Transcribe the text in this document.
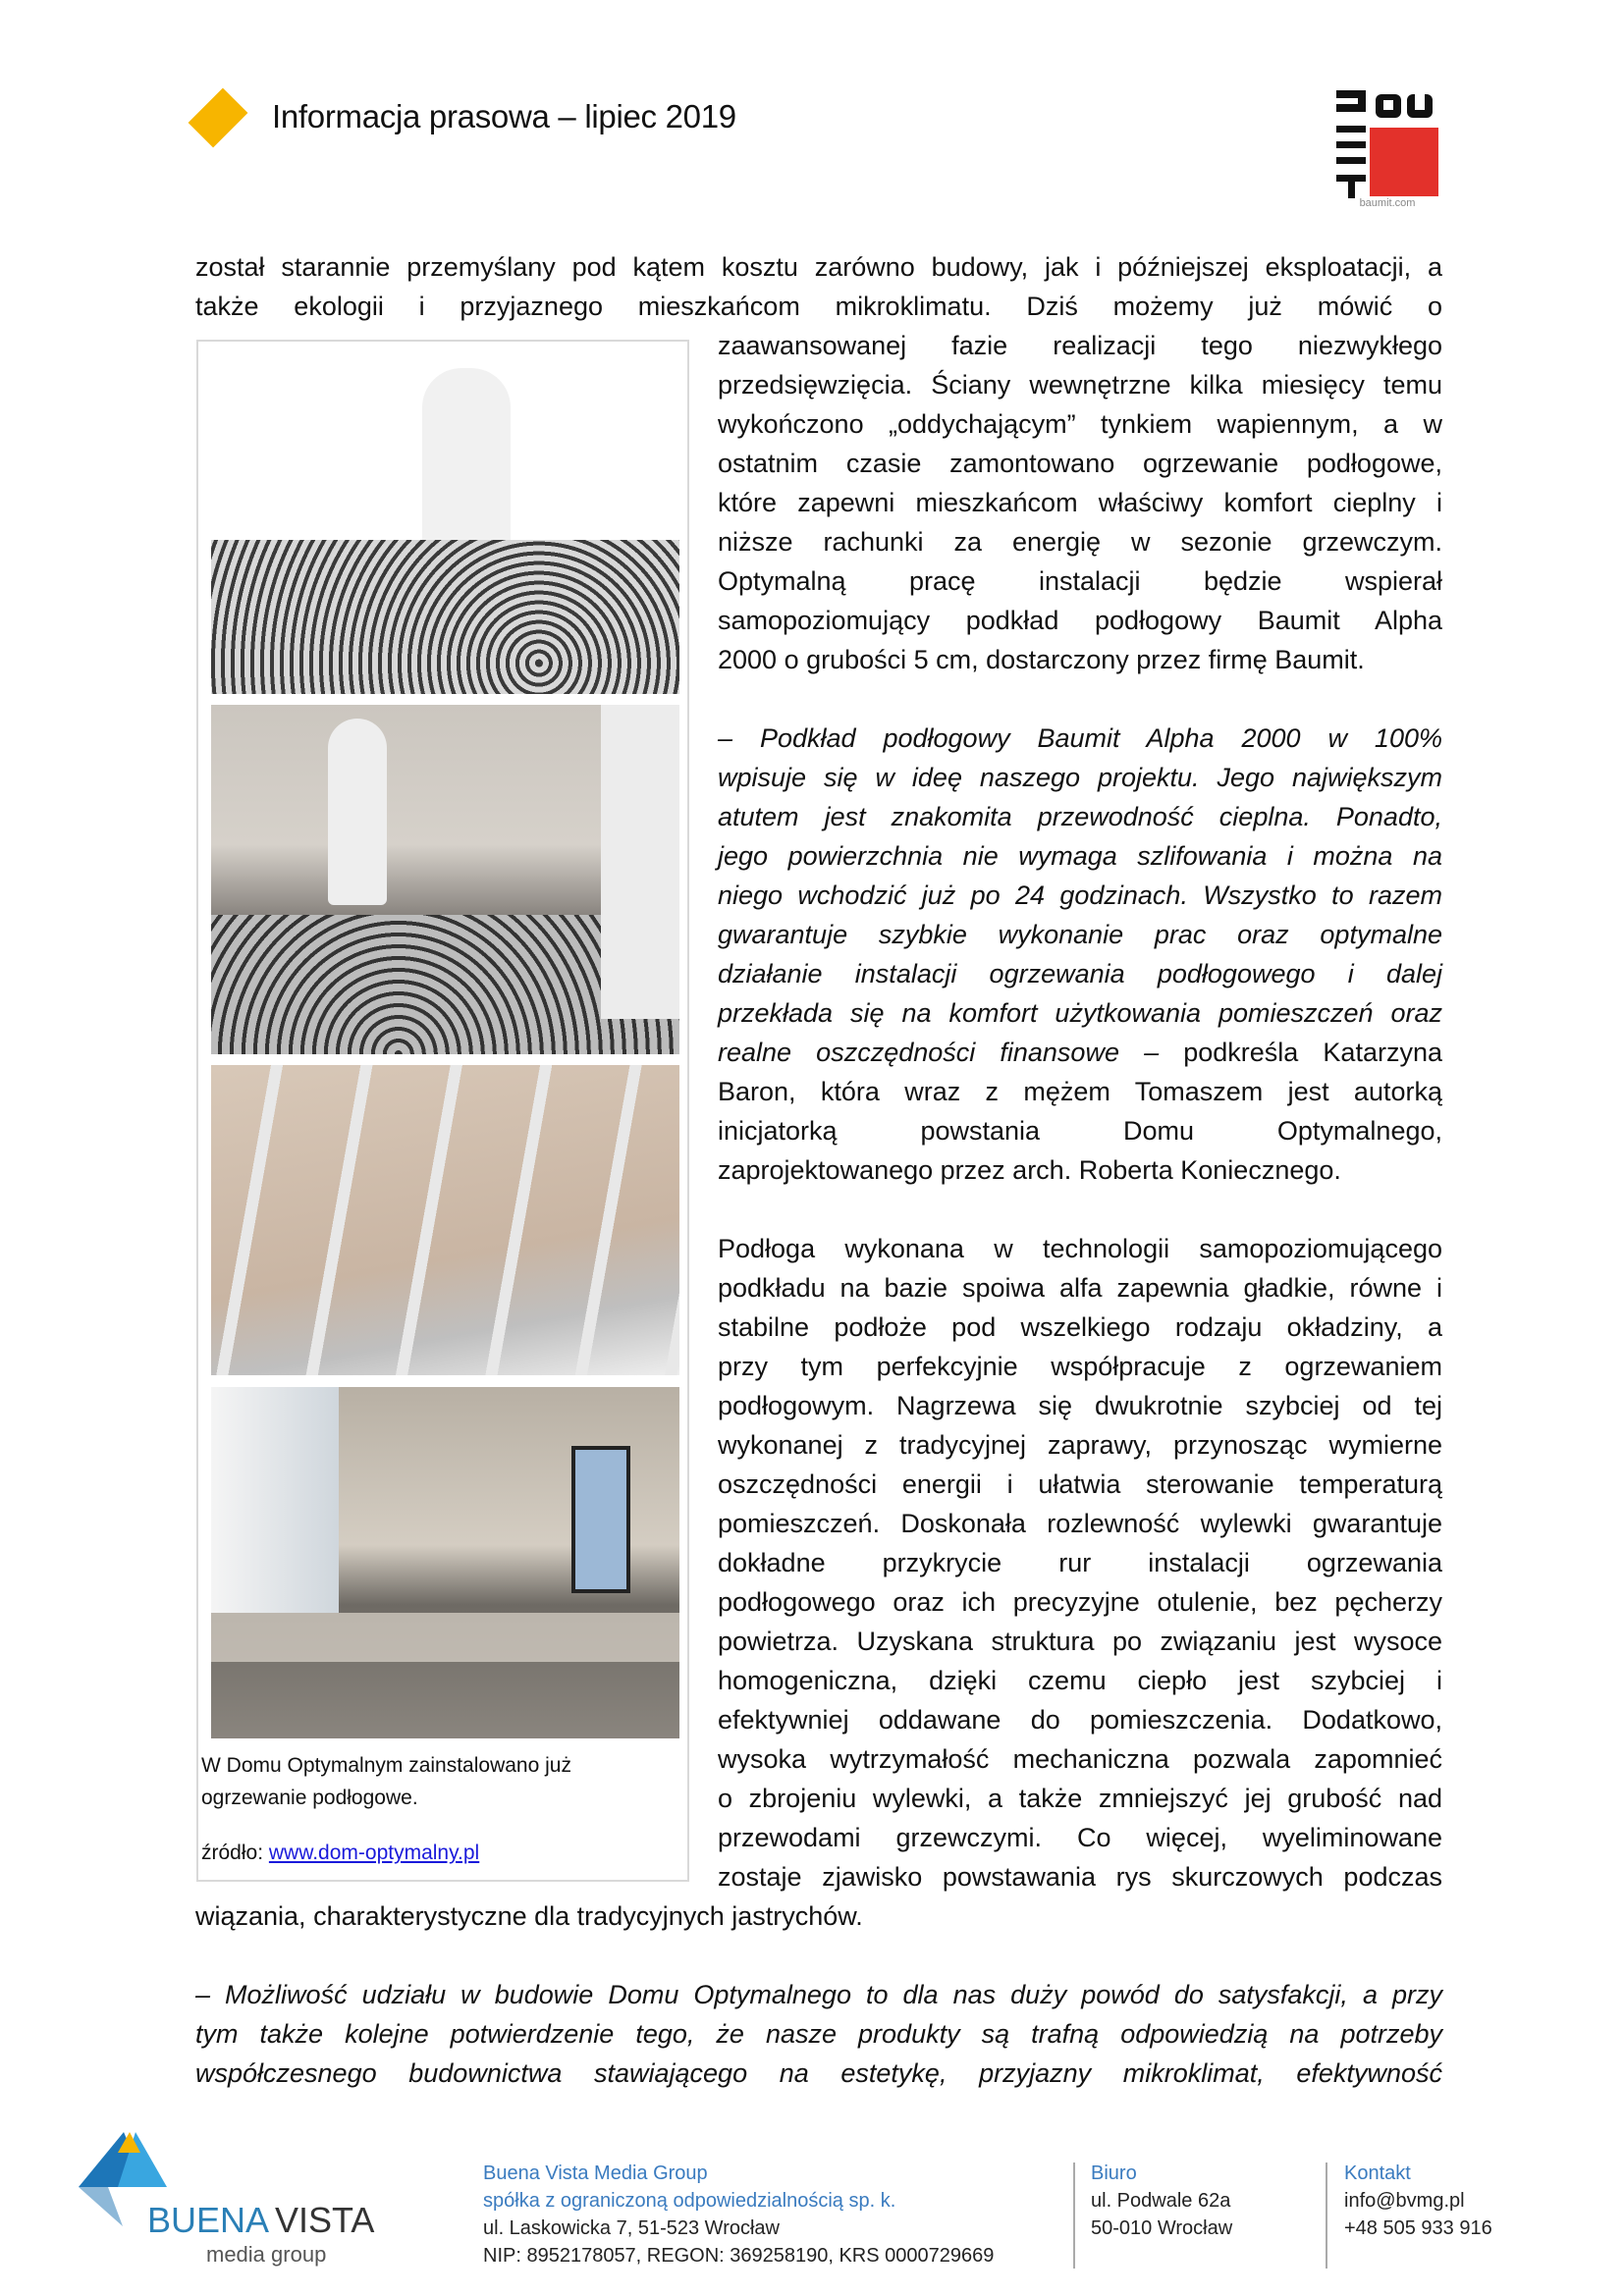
Informacja prasowa – lipiec 2019
baumit.com
został starannie przemyślany pod kątem kosztu zarówno budowy, jak i późniejszej eksploatacji, a
także ekologii i przyjaznego mieszkańcom mikroklimatu. Dziś możemy już mówić o
zaawansowanej fazie realizacji tego niezwykłego
przedsięwzięcia. Ściany wewnętrzne kilka miesięcy temu
wykończono „oddychającym” tynkiem wapiennym, a w
ostatnim czasie zamontowano ogrzewanie podłogowe,
które zapewni mieszkańcom właściwy komfort cieplny i
niższe rachunki za energię w sezonie grzewczym.
Optymalną pracę instalacji będzie wspierał
samopoziomujący podkład podłogowy Baumit Alpha
2000 o grubości 5 cm, dostarczony przez firmę Baumit.
– Podkład podłogowy Baumit Alpha 2000 w 100%
wpisuje się w ideę naszego projektu. Jego największym
atutem jest znakomita przewodność cieplna. Ponadto,
jego powierzchnia nie wymaga szlifowania i można na
niego wchodzić już po 24 godzinach. Wszystko to razem
gwarantuje szybkie wykonanie prac oraz optymalne
działanie instalacji ogrzewania podłogowego i dalej
przekłada się na komfort użytkowania pomieszczeń oraz
realne oszczędności finansowe – podkreśla Katarzyna
Baron, która wraz z mężem Tomaszem jest autorką
inicjatorką powstania Domu Optymalnego,
zaprojektowanego przez arch. Roberta Koniecznego.
Podłoga wykonana w technologii samopoziomującego
podkładu na bazie spoiwa alfa zapewnia gładkie, równe i
stabilne podłoże pod wszelkiego rodzaju okładziny, a
przy tym perfekcyjnie współpracuje z ogrzewaniem
podłogowym. Nagrzewa się dwukrotnie szybciej od tej
wykonanej z tradycyjnej zaprawy, przynosząc wymierne
oszczędności energii i ułatwia sterowanie temperaturą
pomieszczeń. Doskonała rozlewność wylewki gwarantuje
dokładne przykrycie rur instalacji ogrzewania
podłogowego oraz ich precyzyjne otulenie, bez pęcherzy
powietrza. Uzyskana struktura po związaniu jest wysoce
homogeniczna, dzięki czemu ciepło jest szybciej i
efektywniej oddawane do pomieszczenia. Dodatkowo,
wysoka wytrzymałość mechaniczna pozwala zapomnieć
o zbrojeniu wylewki, a także zmniejszyć jej grubość nad
przewodami grzewczymi. Co więcej, wyeliminowane
zostaje zjawisko powstawania rys skurczowych podczas
wiązania, charakterystyczne dla tradycyjnych jastrychów.
– Możliwość udziału w budowie Domu Optymalnego to dla nas duży powód do satysfakcji, a przy
tym także kolejne potwierdzenie tego, że nasze produkty są trafną odpowiedzią na potrzeby
współczesnego budownictwa stawiającego na estetykę, przyjazny mikroklimat, efektywność
W Domu Optymalnym zainstalowano już
ogrzewanie podłogowe.
źródło: www.dom-optymalny.pl
BUENA VISTA
media group
Buena Vista Media Group
spółka z ograniczoną odpowiedzialnością sp. k.
ul. Laskowicka 7, 51-523 Wrocław
NIP: 8952178057, REGON: 369258190, KRS 0000729669
Biuro
ul. Podwale 62a
50-010 Wrocław
Kontakt
info@bvmg.pl
+48 505 933 916
